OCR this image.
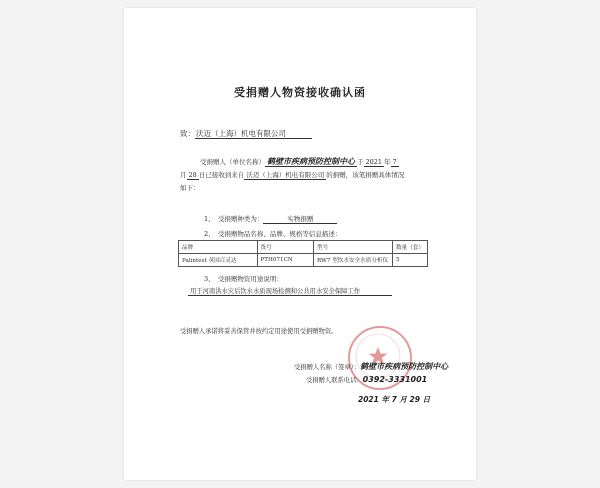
受捐赠人物资接收确认函
致：沃迈（上海）机电有限公司
受捐赠人（单位名称） 鹤壁市疾病预防控制中心 于 2021 年 7
月 28 日已接收到来自 沃迈（上海）机电有限公司 的捐赠，该笔捐赠具体情况
如下：
1、　受捐赠种类为：	实物捐赠
2、　受捐赠物品名称、品牌、规格等信息描述：
品牌	货号	型号	数量（套）
Palintest 英国百灵达	PTH071CN	RW7 型饮水安全水质分析仪	5
3、　受捐赠物资用途说明：
用于河南洪水灾后饮水水质现场检测和公共用水安全保障工作
受捐赠人承诺将妥善保管并按约定用途使用受捐赠物资。
受捐赠人名称（签章）：鹤壁市疾病预防控制中心
受捐赠人联系电话：0392-3331001
2021 年 7 月 29 日
